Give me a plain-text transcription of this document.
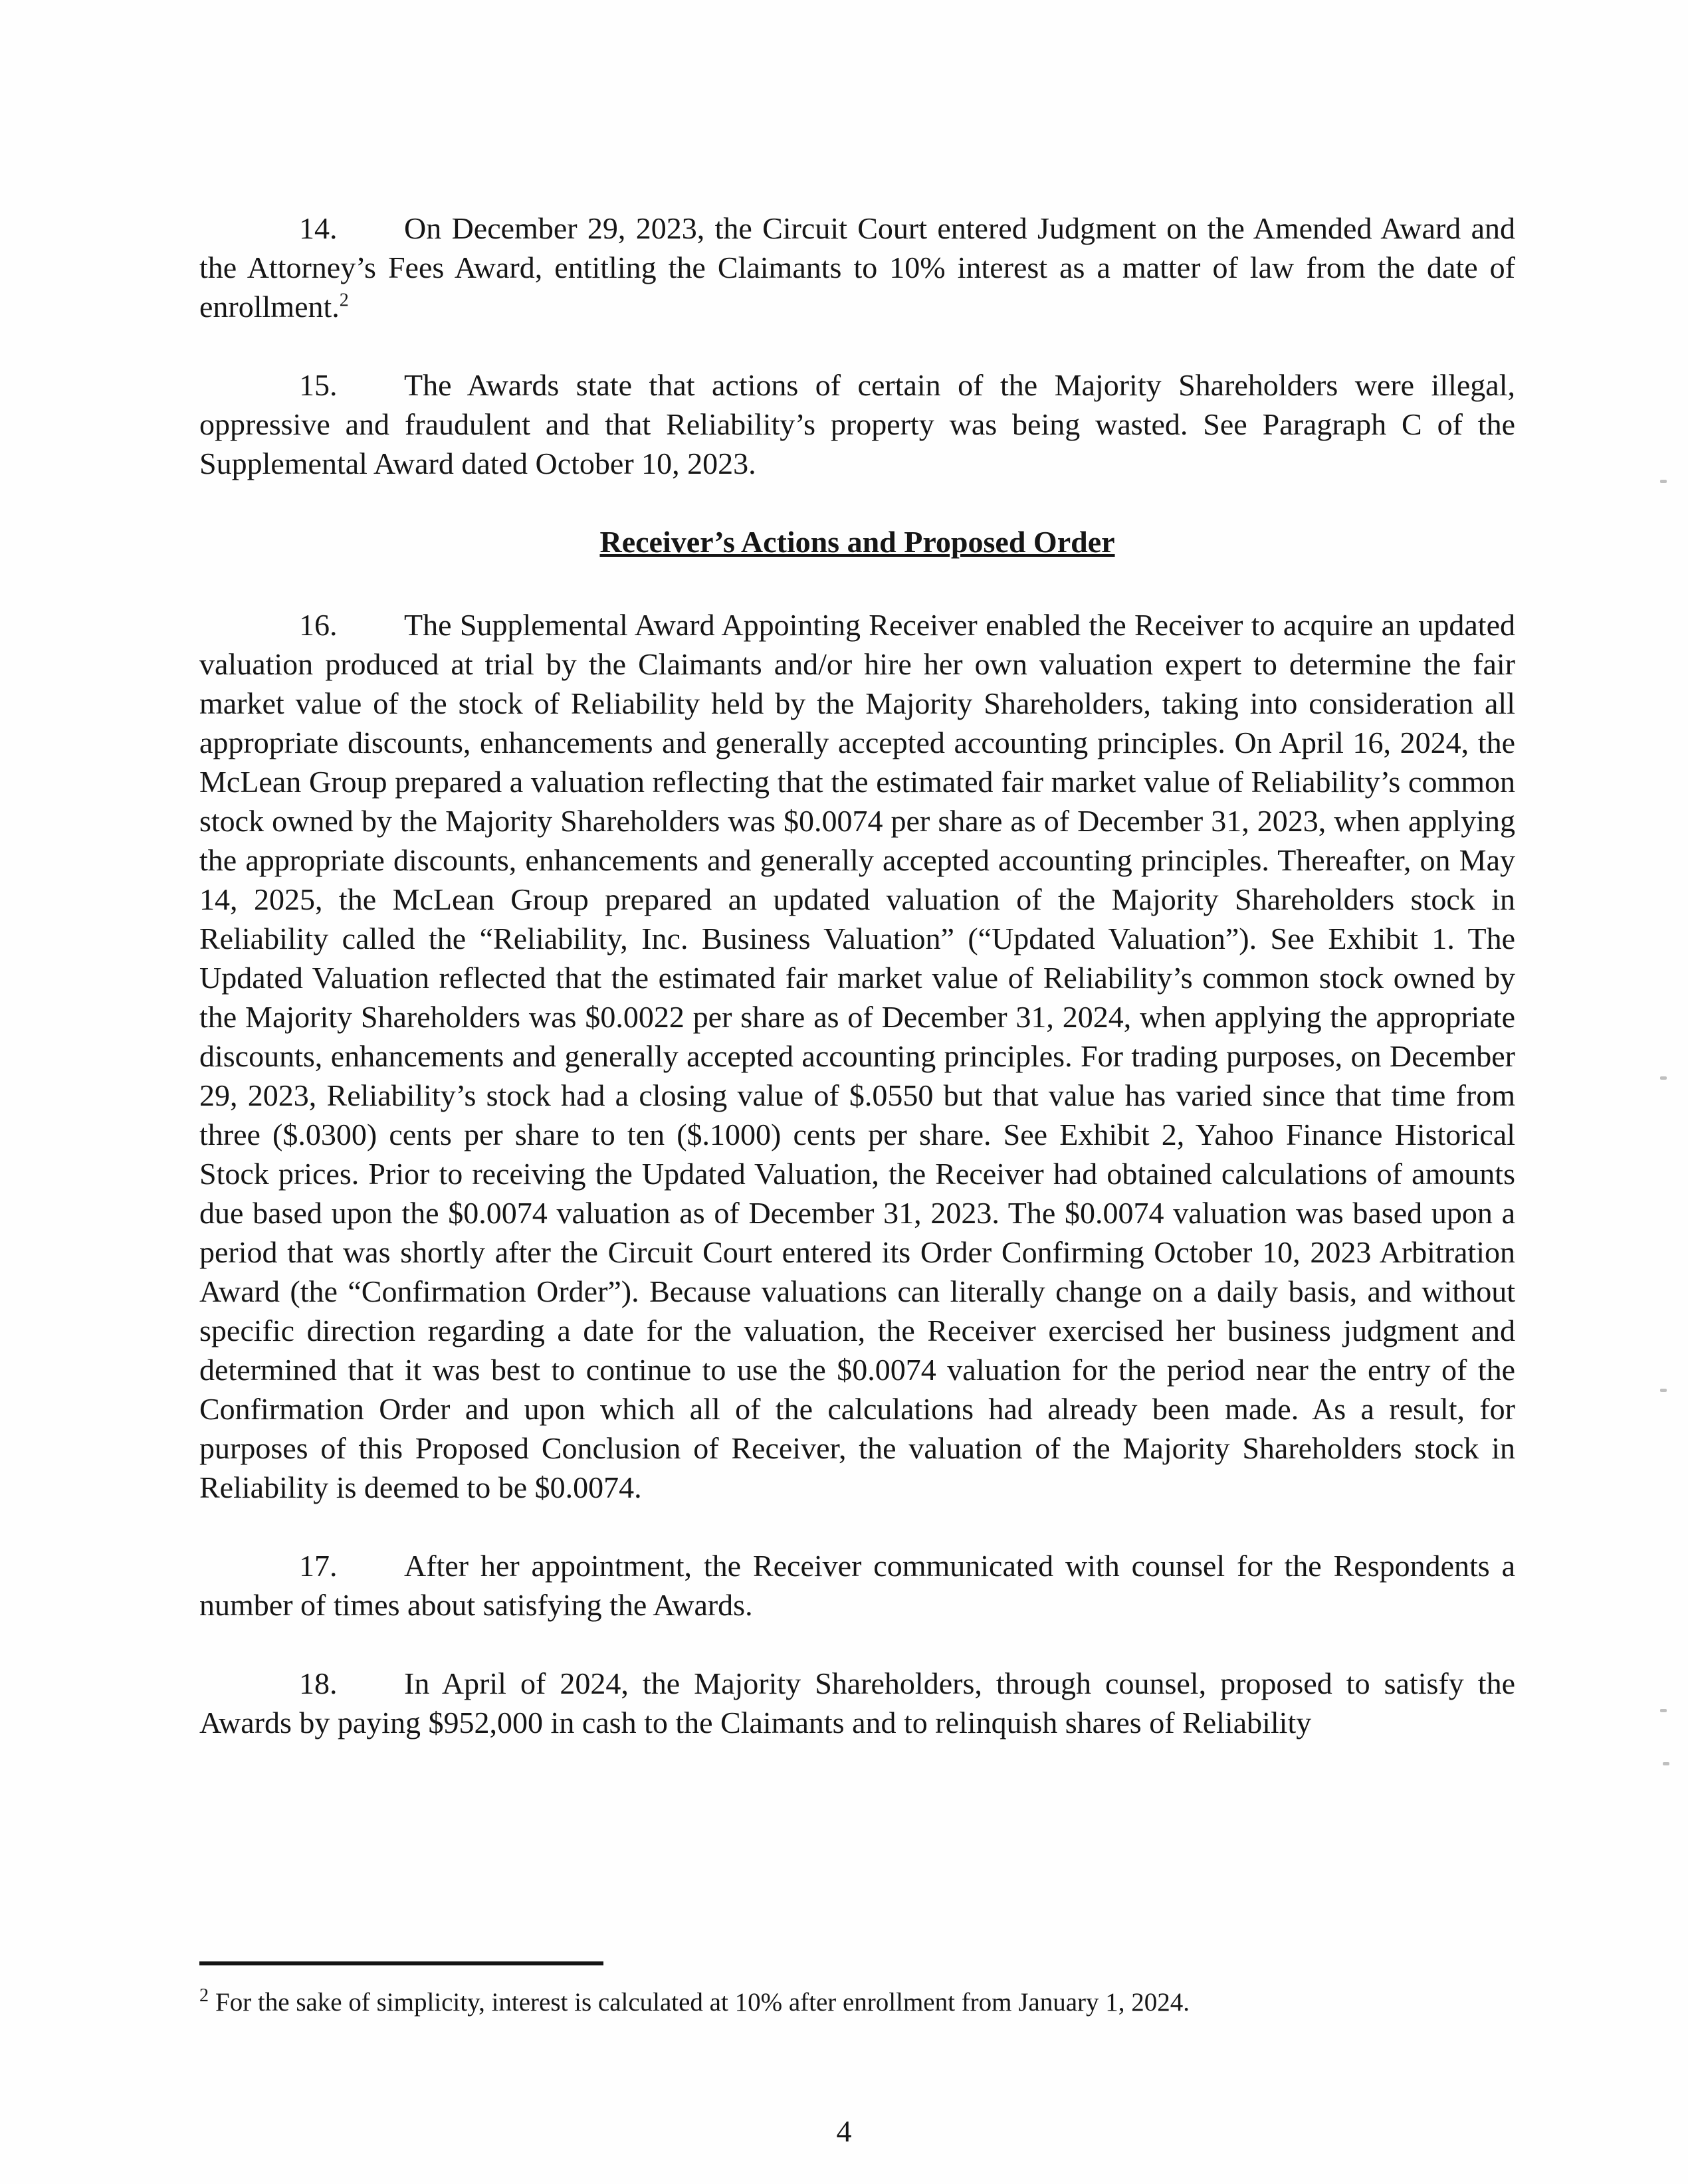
14. On December 29, 2023, the Circuit Court entered Judgment on the Amended Award and the Attorney’s Fees Award, entitling the Claimants to 10% interest as a matter of law from the date of enrollment.$^2$

15. The Awards state that actions of certain of the Majority Shareholders were illegal, oppressive and fraudulent and that Reliability’s property was being wasted. See Paragraph C of the Supplemental Award dated October 10, 2023.

Receiver’s Actions and Proposed Order

16. The Supplemental Award Appointing Receiver enabled the Receiver to acquire an updated valuation produced at trial by the Claimants and/or hire her own valuation expert to determine the fair market value of the stock of Reliability held by the Majority Shareholders, taking into consideration all appropriate discounts, enhancements and generally accepted accounting principles. On April 16, 2024, the McLean Group prepared a valuation reflecting that the estimated fair market value of Reliability’s common stock owned by the Majority Shareholders was $0.0074 per share as of December 31, 2023, when applying the appropriate discounts, enhancements and generally accepted accounting principles. Thereafter, on May 14, 2025, the McLean Group prepared an updated valuation of the Majority Shareholders stock in Reliability called the “Reliability, Inc. Business Valuation” (“Updated Valuation”). See Exhibit 1. The Updated Valuation reflected that the estimated fair market value of Reliability’s common stock owned by the Majority Shareholders was $0.0022 per share as of December 31, 2024, when applying the appropriate discounts, enhancements and generally accepted accounting principles. For trading purposes, on December 29, 2023, Reliability’s stock had a closing value of $.0550 but that value has varied since that time from three ($.0300) cents per share to ten ($.1000) cents per share. See Exhibit 2, Yahoo Finance Historical Stock prices. Prior to receiving the Updated Valuation, the Receiver had obtained calculations of amounts due based upon the $0.0074 valuation as of December 31, 2023. The $0.0074 valuation was based upon a period that was shortly after the Circuit Court entered its Order Confirming October 10, 2023 Arbitration Award (the “Confirmation Order”). Because valuations can literally change on a daily basis, and without specific direction regarding a date for the valuation, the Receiver exercised her business judgment and determined that it was best to continue to use the $0.0074 valuation for the period near the entry of the Confirmation Order and upon which all of the calculations had already been made. As a result, for purposes of this Proposed Conclusion of Receiver, the valuation of the Majority Shareholders stock in Reliability is deemed to be $0.0074.

17. After her appointment, the Receiver communicated with counsel for the Respondents a number of times about satisfying the Awards.

18. In April of 2024, the Majority Shareholders, through counsel, proposed to satisfy the Awards by paying $952,000 in cash to the Claimants and to relinquish shares of Reliability

$^2$ For the sake of simplicity, interest is calculated at 10% after enrollment from January 1, 2024.

4
